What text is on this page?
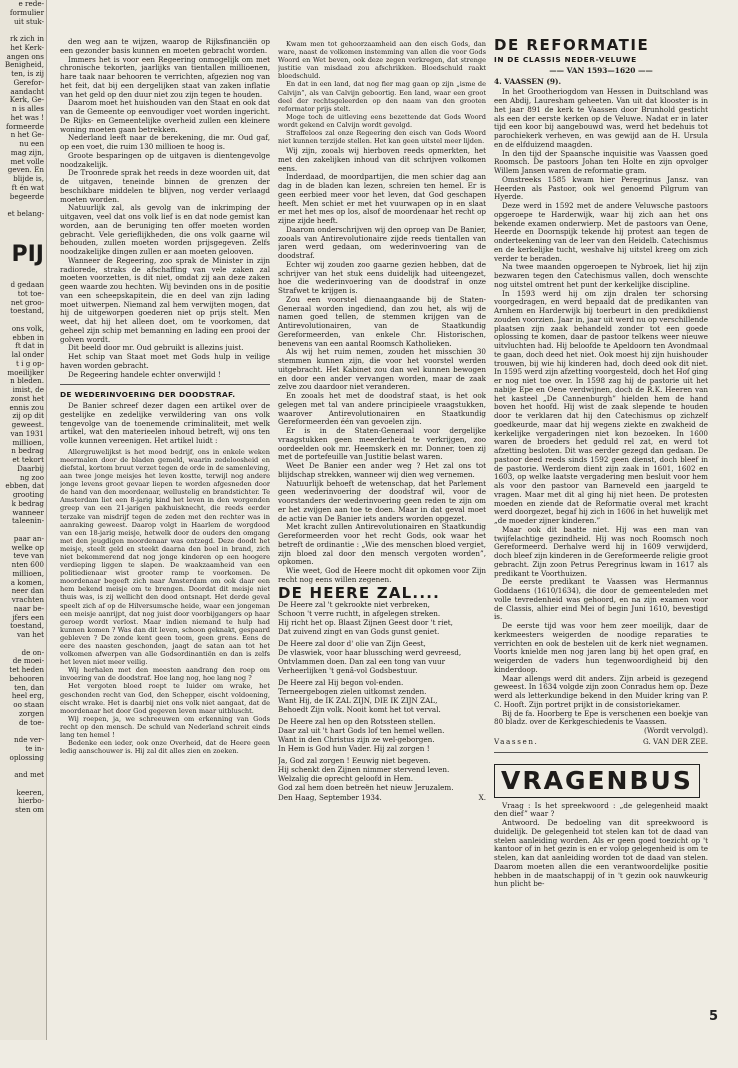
e rede-
formulier
uit stuk-
rk zich in
het Kerk-
angen ons
Benigheid,
ten, is zij
Gerefor-
aandacht
Kerk, Ge-
n is alles
het was !
formeerde
n het Ge-
nu een
mag zijn,
met volle
geven. En
blijde is,
ft én wat
begeerde
et belang-
PIJ
d gedaan
tot toe-
net groo-
toestand,
ons volk,
ebben in
ft dat in
lal onder
t i g op-
moeilijker
n bleden.
imist, de
zonst het
ennis zou
zij op dit
geweest.
van 1931
millioen,
n bedrag
et tekort
Daarbij
ng zoo
ebben, dat
grooting
k bedrag
wanneer
taleenin-
paar an-
welke op
teve van
nten 600
millioen,
a komen,
neer dan
vrachten
naar be-
jfers een
toestand,
van het
de on-
de moei-
tet heden
behooren
ten, dan
heel erg,
oo staan
zorgen
de toe-
nde ver-
te in-
oplossing
and met
keeren,
hierbo-
sten om

den weg aan te wijzen, waarop de Rijksfinanciën op een gezonder basis kunnen en moeten gebracht worden.

Immers het is voor een Regeering onmogelijk om met chronische tekorten, jaarlijks van tientallen millioenen, hare taak naar behooren te verrichten, afgezien nog van het feit, dat bij een dergelijken staat van zaken inflatie van het geld op den duur niet zou zijn tegen te houden.

Daarom moet het huishouden van den Staat en ook dat van de Gemeente op eenvoudiger voet worden ingericht. De Rijks- en Gemeentelijke overheid zullen een kleinere woning moeten gaan betrekken.

Nederland leeft naar de berekening, die mr. Oud gaf, op een voet, die ruim 130 millioen te hoog is.

Groote besparingen op de uitgaven is dientengevolge noodzakelijk.

De Troonrede sprak het reeds in deze woorden uit, dat de uitgaven, teneinde binnen de grenzen der beschikbare middelen te blijven, nog verder verlaagd moeten worden.

Natuurlijk zal, als gevolg van de inkrimping der uitgaven, veel dat ons volk lief is en dat node gemist kan worden, aan de beruniging ten offer moeten worden gebracht. Vele gerieflijkheden, die ons volk gaarne wil behouden, zullen moeten worden prijsgegeven. Zelfs noodzakelijke dingen zullen er aan moeten gelooven.

Wanneer de Regeering, zoo sprak de Minister in zijn radiorede, straks de afschaffing van vele zaken zal moeten voorzetten, is dit niet, omdat zij aan deze zaken geen waarde zou hechten. Wij bevinden ons in de positie van een scheepskapitein, die en deel van zijn lading moet uitwerpen. Niemand zal hem verwijten mogen, dat hij de uitgeworpen goederen niet op prijs stelt. Men weet, dat hij het alleen doet, om te voorkomen, dat geheel zijn schip met bemanning en lading een prooi der golven wordt.

Dit beeld door mr. Oud gebruikt is allezins juist.

Het schip van Staat moet met Gods hulp in veilige haven worden gebracht.

De Regeering handele echter onverwijld !

DE WEDERINVOERING DER DOODSTRAF.

De Banier schreef dezer dagen een artikel over de gestelijke en zedelijke verwildering van ons volk tengevolge van de toenemende criminaliteit, met welk artikel, wat den materieelen inhoud betreft, wij ons ten volle kunnen vereenigen. Het artikel luidt :

Allergruwelijkst is het mood bedrijf, ons in enkele weken meermalen door de bladen gemeld, waarin zedeloosheid en diefstal, kortom bruut verzet tegen de orde in de samenleving, aan twee jonge meisjes het leven kostte, terwijl nog andere jonge levens groot gevaar liepen te worden afgesneden door de hand van den moordenaar, wellustelig en brandstichter. Te Amsterdam liet een 8-jarig kind het leven in den worgenden greep van een 21-jarigen pakhuisknecht, die reeds eerder terzake van misdrijf tegen de zeden met den rechter was in aanraking geweest. Daarop volgt in Haarlem de worgdood van een 18-jarig meisje, hetwelk door de ouders den omgang met den jeugdigen moordenaar was ontzegd. Deze doodt het meisje, steelt geld en steekt daarna den boel in brand, zich niet bekommerend dat nog jonge kinderen op een hoogere verdieping liggen te slapen. De waakzaamheid van een politiedienaar wist grooter ramp te voorkomen. De moordenaar begeeft zich naar Amsterdam om ook daar een hem bekend meisje om te brengen. Doordat dit meisje niet thuis was, is zij wellicht den dood ontsnapt. Het derde geval speelt zich af op de Hilversumsche heide, waar een jongeman een meisje aanrijpt, dat nog juist door voorbijgangers op haar geroep wordt verlost. Maar indien niemand te hulp had kunnen komen ? Was dan dit leven, schoon geknakt, gespaard gebleven ? De zonde kent geen toom, geen grens. Eens de eere des naasten geschonden, jaagt de satan aan tot het volkomen afwerpen van alle Godsordinantiën en dan is zelfs het leven niet meer veilig.

Wij herhalen met den meesten aandrang den roep om invoering van de doodstraf. Hoe lang nog, hoe lang nog ?

Het vergoten bloed roept te luider om wrake, het geschonden recht van God, den Schepper, eischt voldoening, eischt wrake. Het is daarbij niet ons volk niet aangaat, dat de moordenaar het door God gegeven leven maar uitbluscht.

Wij roepen, ja, we schreeuwen om erkenning van Gods recht op den mensch. De schuld van Nederland schreit einds lang ten hemel !

Bedenke een ieder, ook onze Overheid, dat de Heere geen ledig aanschouwer is. Hij zal dit alles zien en zoeken.

Kwam men tot gehoorzaamheid aan den eisch Gods, dan ware, naast de volkomen instemming van allen die voor Gods Woord en Wet beven, ook deze zegen verkregen, dat strenge justitie van misdaad zou afschrikken. Bloedschuld raakt bloedschuld.

En dat in een land, dat nog fier mag gaan op zijn „isme de Calvijn”, als van Calvijn geboortig. Een land, waar een groot deel der rechtsgeleerden op den naam van den grooten reformator prijs stelt.

Moge toch de uitleving eens bezettende dat Gods Woord wordt gekend en Calvijn wordt gevolgd.

Straffeloos zal onze Regeering den eisch van Gods Woord niet kunnen terzijde stellen. Het kan geen uitstel meer lijden.

Wij zijn, zooals wij hierboven reeds opmerkten, het met den zakelijken inhoud van dit schrijven volkomen eens.

Inderdaad, de moordpartijen, die men schier dag aan dag in de bladen kan lezen, schreien ten hemel. Er is geen eerbied meer voor het leven, dat God geschapen heeft. Men schiet er met het vuurwapen op in en slaat er met het mes op los, alsof de moordenaar het recht op zijne zijde heeft.

Daarom onderschrijven wij den oproep van De Banier, zooals van Antirevolutionaire zijde reeds tientallen van jaren werd gedaan, om wederinvoering van de doodstraf.

Echter wij zouden zoo gaarne gezien hebben, dat de schrijver van het stuk eens duidelijk had uiteengezet, hoe die wederinvoering van de doodstraf in onze Strafwet te krijgen is.

Zou een voorstel dienaangaande bij de Staten-Generaal worden ingediend, dan zou het, als wij de namen goed tellen, de stemmen krijgen van de Antirevolutionairen, van de Staatkundig Gereformeerden, van enkele Chr. Historischen, benevens van een aantal Roomsch Katholieken.

Als wij het ruim nemen, zouden het misschien 30 stemmen kunnen zijn, die voor het voorstel werden uitgebracht. Het Kabinet zou dan wel kunnen bewogen en door een ander vervangen worden, maar de zaak zelve zou daardoor niet veranderen.

En zooals het met de doodstraf staat, is het ook gelegen met tal van andere principieele vraagstukken, waarover Antirevolutionairen en Staatkundig Gereformeerden één van gevoelen zijn.

Er is in de Staten-Generaal voor dergelijke vraagstukken geen meerderheid te verkrijgen, zoo oordeelden ook mr. Heemskerk en mr. Donner, toen zij met de portefeuille van Justitie belast waren.

Weet De Banier een ander weg ? Het zal ons tot blijdschap strekken, wanneer wij dien weg vernemen.

Natuurlijk behoeft de wetenschap, dat het Parlement geen wederinvoering der doodstraf wil, voor de voorstanders der wederinvoering geen reden te zijn om er het zwijgen aan toe te doen. Maar in dat geval moet de actie van De Banier iets anders worden opgezet.

Met kracht zullen Antirevolutionairen en Staatkundig Gereformeerden voor het recht Gods, ook waar het betreft de ordinantie : „Wie des menschen bloed vergiet, zijn bloed zal door den mensch vergoten worden”, opkomen.

Wie weet, God de Heere mocht dit opkomen voor Zijn recht nog eens willen zegenen.

DE HEERE ZAL....

De Heere zal 't gekrookte niet verbreken,

Schoon 't verre ruchtt, in afgelegen streken.

Hij richt het op. Blaast Zijnen Geest door 't riet,

Dat zuivend zingt en van Gods gunst geniet.

De Heere zal door d' olie van Zijn Geest,

De vlaswiek, voor haar blussching werd gevreesd,

Ontvlammen doen. Dan zal een tong van vuur

Verheerlijken 't genâ-vol Godsbestuur.

De Heere zal Hij begon vol-enden.

Terneergebogen zielen uitkomst zenden.

Want Hij, de IK ZAL ZIJN, DIE IK ZIJN ZAL,

Behoedt Zijn volk. Nooit komt het tot verval.

De Heere zal hen op den Rotssteen stellen.

Daar zal uit 't hart Gods lof ten hemel wellen.

Want in den Christus zijn ze wel-geborgen.

In Hem is God hun Vader. Hij zal zorgen !

Ja, God zal zorgen ! Eeuwig niet begeven.

Hij schenkt den Zijnen nimmer stervend leven.

Welzalig die oprecht geloofd in Hem.

God zal hem doen betreën het nieuw Jeruzalem.

Den Haag, September 1934.	X.
DE REFORMATIE
IN DE CLASSIS NEDER-VELUWE
—— VAN 1593—1620 ——
4. VAASSEN (9).

In het Grootheriogdom van Hessen in Duitschland was een Abdij, Lauresham geheeten. Van uit dat klooster is in het jaar 891 de kerk te Vaassen door Brunhold gesticht als een der eerste kerken op de Veluwe. Nadat er in later tijd een koor bij aangebouwd was, werd het bedehuis tot parochiekerk verheven, en was gewijd aan de H. Ursula en de elfduizend maagden.

In den tijd der Spaansche inquisitie was Vaassen goed Roomsch. De pastoors Johan ten Holte en zijn opvolger Willem Jansen waren de reformatie gram.

Omstreeks 1585 kwam hier Peregrinus Jansz. van Heerden als Pastoor, ook wel genoemd Pilgrum van Hyerde.

Deze werd in 1592 met de andere Veluwsche pastoors opgeroepe te Harderwijk, waar hij zich aan het ons bekende examen onderwierp. Met de pastoors van Oene, Heerde en Doornspijk tekende hij protest aan tegen de onderteekening van de leer van den Heidelb. Catechismus en de kerkelijke tucht, weshalve hij uitstel kreeg om zich verder te beraden.

Na twee maanden opgeroepen te Nybroek, liet hij zijn bezwaren tegen den Catechismus vallen, doch wenschte nog uitstel omtrent het punt der kerkelijke discipline.

In 1593 werd hij om zijn dralen ter schorsing voorgedragen, en werd bepaald dat de predikanten van Arnhem en Harderwijk bij toerbeurt in den predikdienst zouden voorzien. Jaar in, jaar uit werd nu op verschillende plaatsen zijn zaak behandeld zonder tot een goede oplossing te komen, daar de pastoor telkens weer nieuwe uitvluchten had. Hij beloofde te Apeldoorn ten Avondmaal te gaan, doch deed het niet. Ook moest hij zijn huishouder trouwen, bij wie hij kinderen had, doch deed ook dit niet. In 1595 werd zijn afzetting voorgesteld, doch het Hof ging er nog niet toe over. In 1598 zag hij de pastorie uit het nabije Epe en Oene verdwijnen, doch de R.K. Heeren van het kasteel „De Cannenburgh” hielden hem de hand boven het hoofd. Hij wist de zaak slepende te houden door te verklaren dat hij den Catechismus op zichzelf goedkeurde, maar dat hij wegens ziekte en zwakheid de kerkelijke vergaderingen niet kon bezoeken. In 1600 waren de broeders het geduld rel zat, en werd tot afzetting besloten. Dit was eerder gezegd dan gedaan. De pastoor deed reeds sinds 1592 geen dienst, doch bleef in de pastorie. Werderom dient zijn zaak in 1601, 1602 en 1603, op welke laatste vergadering men besluit voor hem als voor den pastoor van Barneveld een jaargeld te vragen. Maar met dit al ging hij niet heen. De protesten moeden en ziende dat de Reformatie overal met kracht werd doorgezet, begaf hij zich in 1606 in het huwelijk met „de moeder zijner kinderen.”

Maar ook dit baatte niet. Hij was een man van twijfelachtige gezindheid. Hij was noch Roomsch noch Gereformeerd. Derhalve werd hij in 1609 verwijderd, doch bleef zijn kinderen in de Gereformeerde religie groot gebracht. Zijn zoon Petrus Peregrinus kwam in 1617 als predikant te Voorthuizen.

De eerste predikant te Vaassen was Hermannus Goddaens (1610/1634), die door de gemeenteleden met volle tevredenheid was gehoord, en na zijn examen voor de Classis, alhier eind Mei of begin Juni 1610, bevestigd is.

De eerste tijd was voor hem zeer moeilijk, daar de kerkmeesters weigerden de noodige reparaties te verrichten en ook de bestelen uit de kerk niet wegnamen. Voorts knielde men nog jaren lang bij het open graf, en weigerden de vaders hun tegenwoordigheid bij den kinderdoop.

Maar allengs werd dit anders. Zijn arbeid is gezegend geweest. In 1634 volgde zijn zoon Conradus hem op. Deze werd als letterkundige bekend in den Muider kring van P. C. Hooft. Zijn portret prijkt in de consistoriekamer.

Bij de fa. Hoorberg te Epe is verschenen een boekje van 80 bladz. over de Kerkgeschiedenis te Vaassen.

(Wordt vervolgd).
Vaassen.	G. VAN DER ZEE.
VRAGENBUS

Vraag : Is het spreekwoord : „de gelegenheid maakt den dief” waar ?

Antwoord. De bedoeling van dit spreekwoord is duidelijk. De gelegenheid tot stelen kan tot de daad van stelen aanleiding worden. Als er geen goed toezicht op 't kantoor of in het gezin is en er volop gelegenheid is om te stelen, kan dat aanleiding worden tot de daad van stelen. Daarom moeten allen die een verantwoordelijke positie hebben in de maatschappij of in 't gezin ook nauwkeurig hun plicht be-

5
